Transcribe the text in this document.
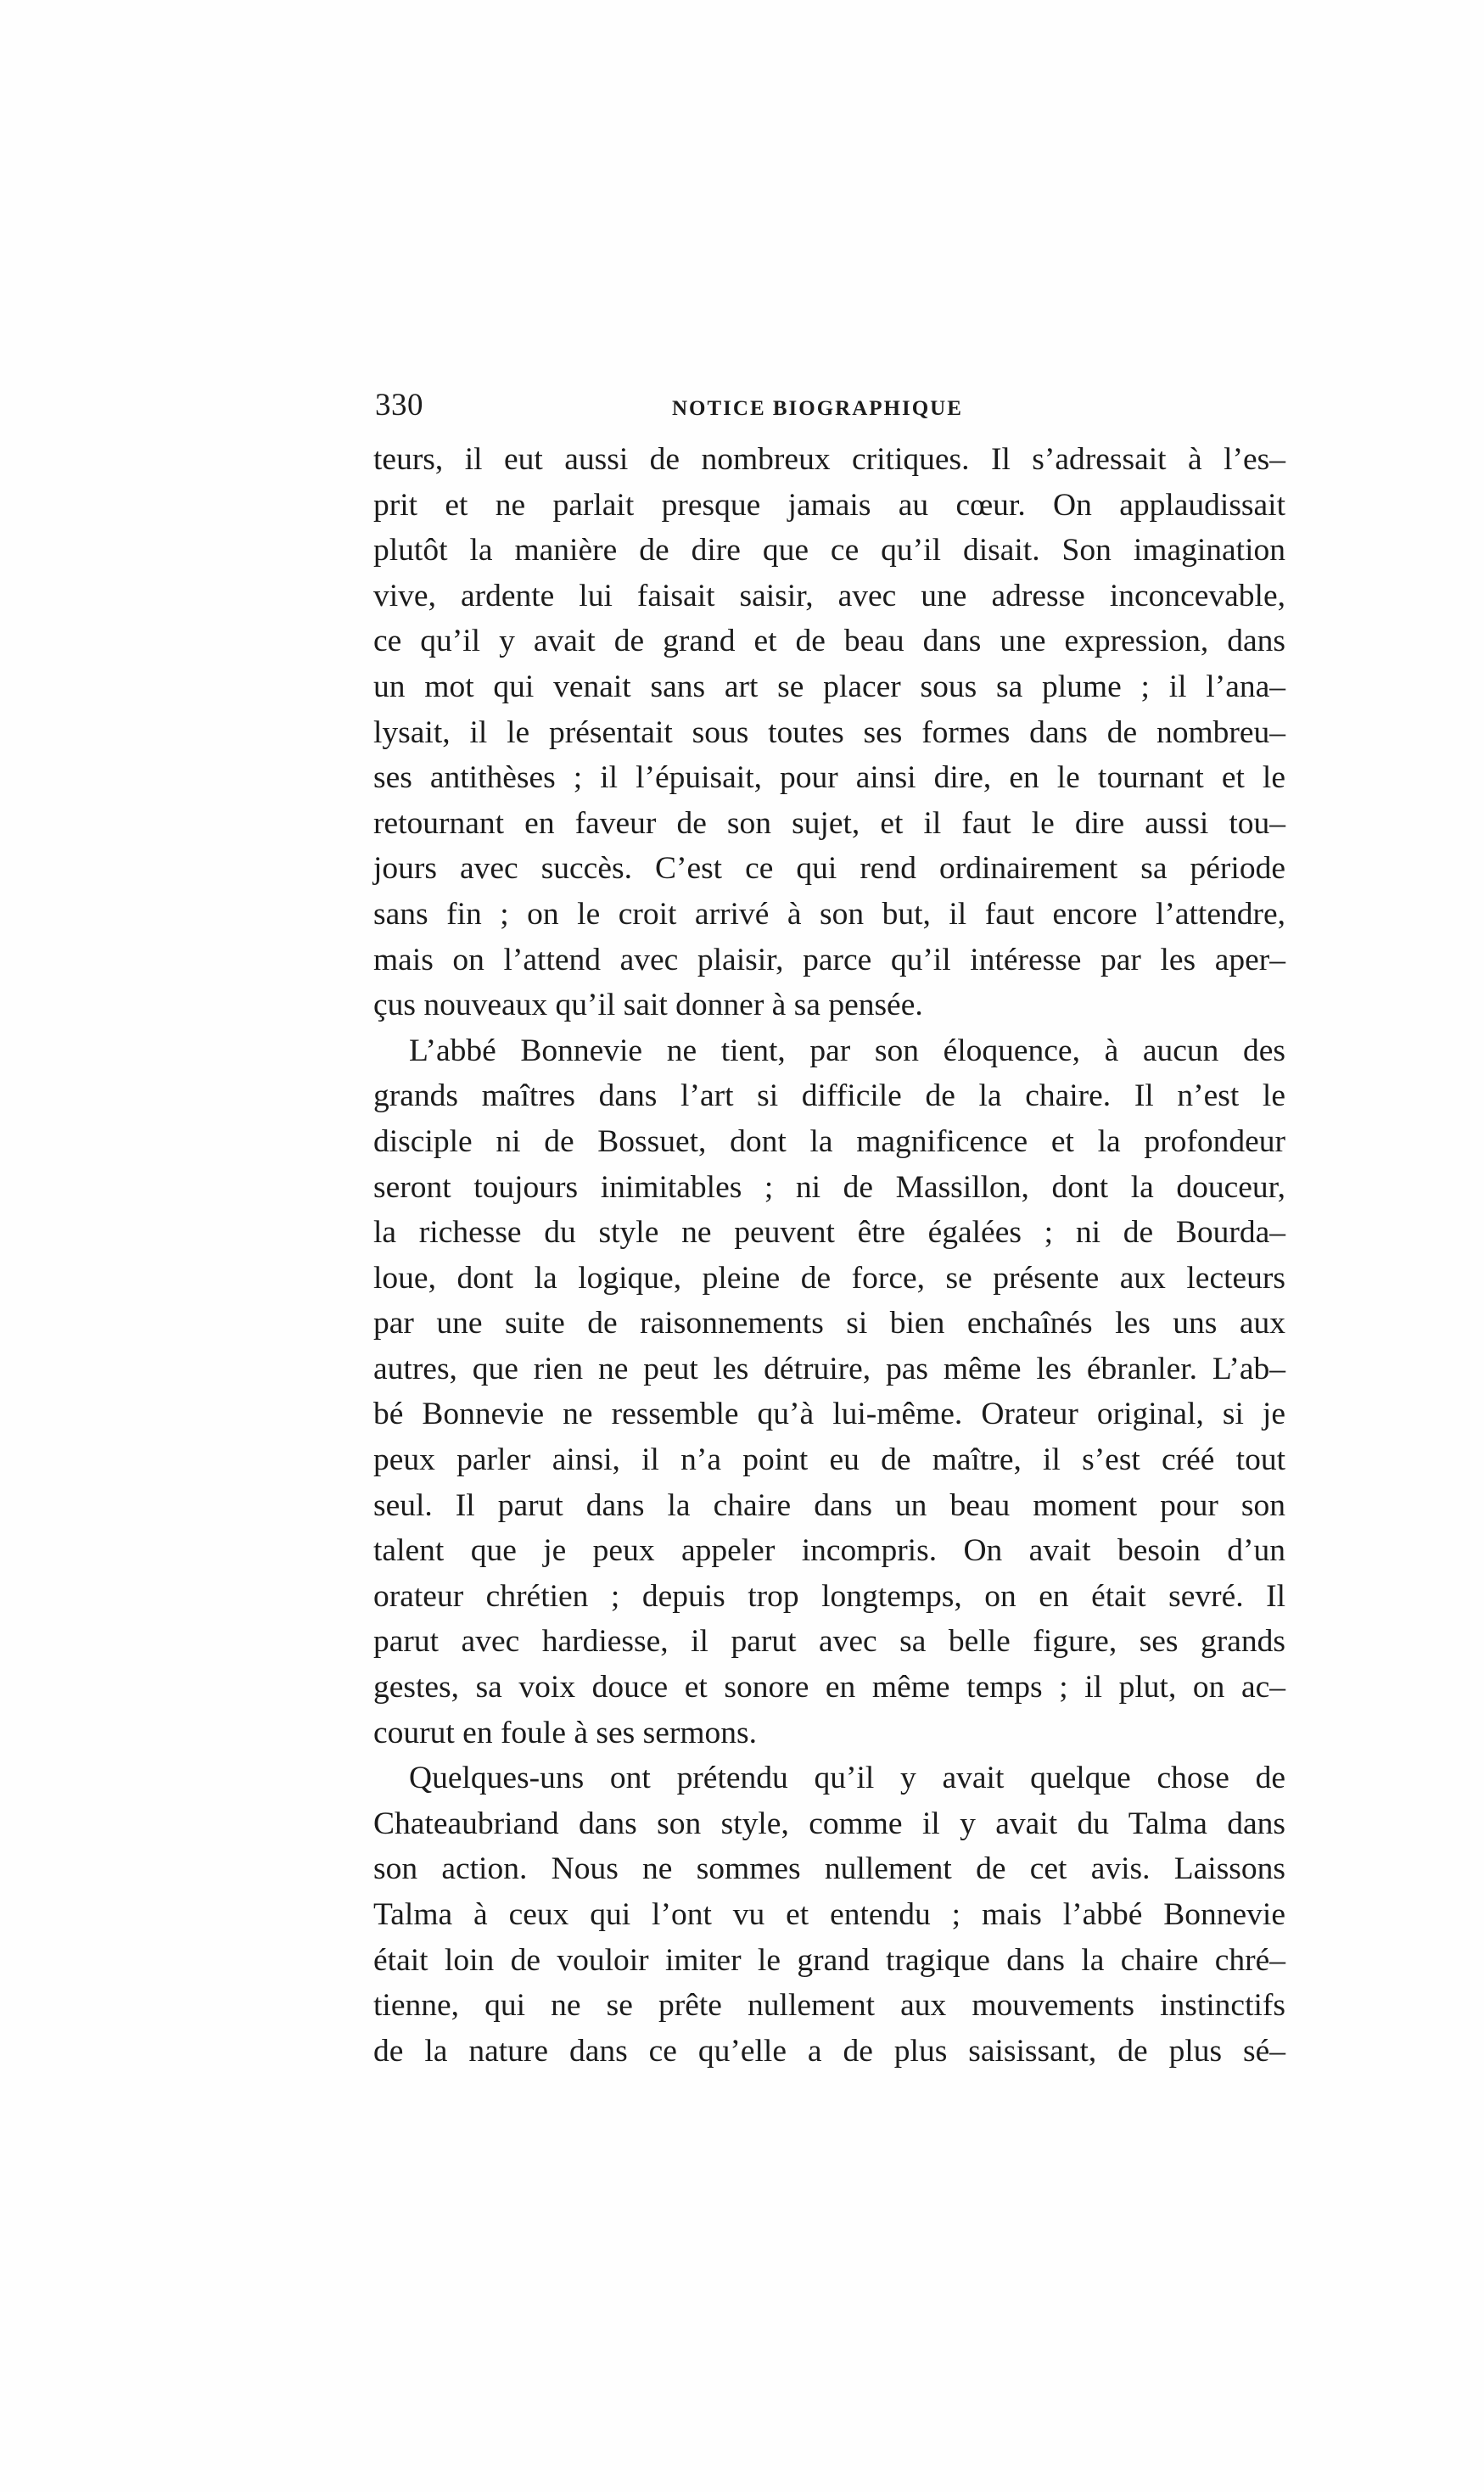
330	NOTICE BIOGRAPHIQUE
teurs, il eut aussi de nombreux critiques. Il s’adressait à l’es–
prit et ne parlait presque jamais au cœur. On applaudissait
plutôt la manière de dire que ce qu’il disait. Son imagination
vive, ardente lui faisait saisir, avec une adresse inconcevable,
ce qu’il y avait de grand et de beau dans une expression, dans
un mot qui venait sans art se placer sous sa plume ; il l’ana–
lysait, il le présentait sous toutes ses formes dans de nombreu–
ses antithèses ; il l’épuisait, pour ainsi dire, en le tournant et le
retournant en faveur de son sujet, et il faut le dire aussi tou–
jours avec succès. C’est ce qui rend ordinairement sa période
sans fin ; on le croit arrivé à son but, il faut encore l’attendre,
mais on l’attend avec plaisir, parce qu’il intéresse par les aper–
çus nouveaux qu’il sait donner à sa pensée.
L’abbé Bonnevie ne tient, par son éloquence, à aucun des
grands maîtres dans l’art si difficile de la chaire. Il n’est le
disciple ni de Bossuet, dont la magnificence et la profondeur
seront toujours inimitables ; ni de Massillon, dont la douceur,
la richesse du style ne peuvent être égalées ; ni de Bourda–
loue, dont la logique, pleine de force, se présente aux lecteurs
par une suite de raisonnements si bien enchaînés les uns aux
autres, que rien ne peut les détruire, pas même les ébranler. L’ab–
bé Bonnevie ne ressemble qu’à lui-même. Orateur original, si je
peux parler ainsi, il n’a point eu de maître, il s’est créé tout
seul. Il parut dans la chaire dans un beau moment pour son
talent que je peux appeler incompris. On avait besoin d’un
orateur chrétien ; depuis trop longtemps, on en était sevré. Il
parut avec hardiesse, il parut avec sa belle figure, ses grands
gestes, sa voix douce et sonore en même temps ; il plut, on ac–
courut en foule à ses sermons.
Quelques-uns ont prétendu qu’il y avait quelque chose de
Chateaubriand dans son style, comme il y avait du Talma dans
son action. Nous ne sommes nullement de cet avis. Laissons
Talma à ceux qui l’ont vu et entendu ; mais l’abbé Bonnevie
était loin de vouloir imiter le grand tragique dans la chaire chré–
tienne, qui ne se prête nullement aux mouvements instinctifs
de la nature dans ce qu’elle a de plus saisissant, de plus sé–
